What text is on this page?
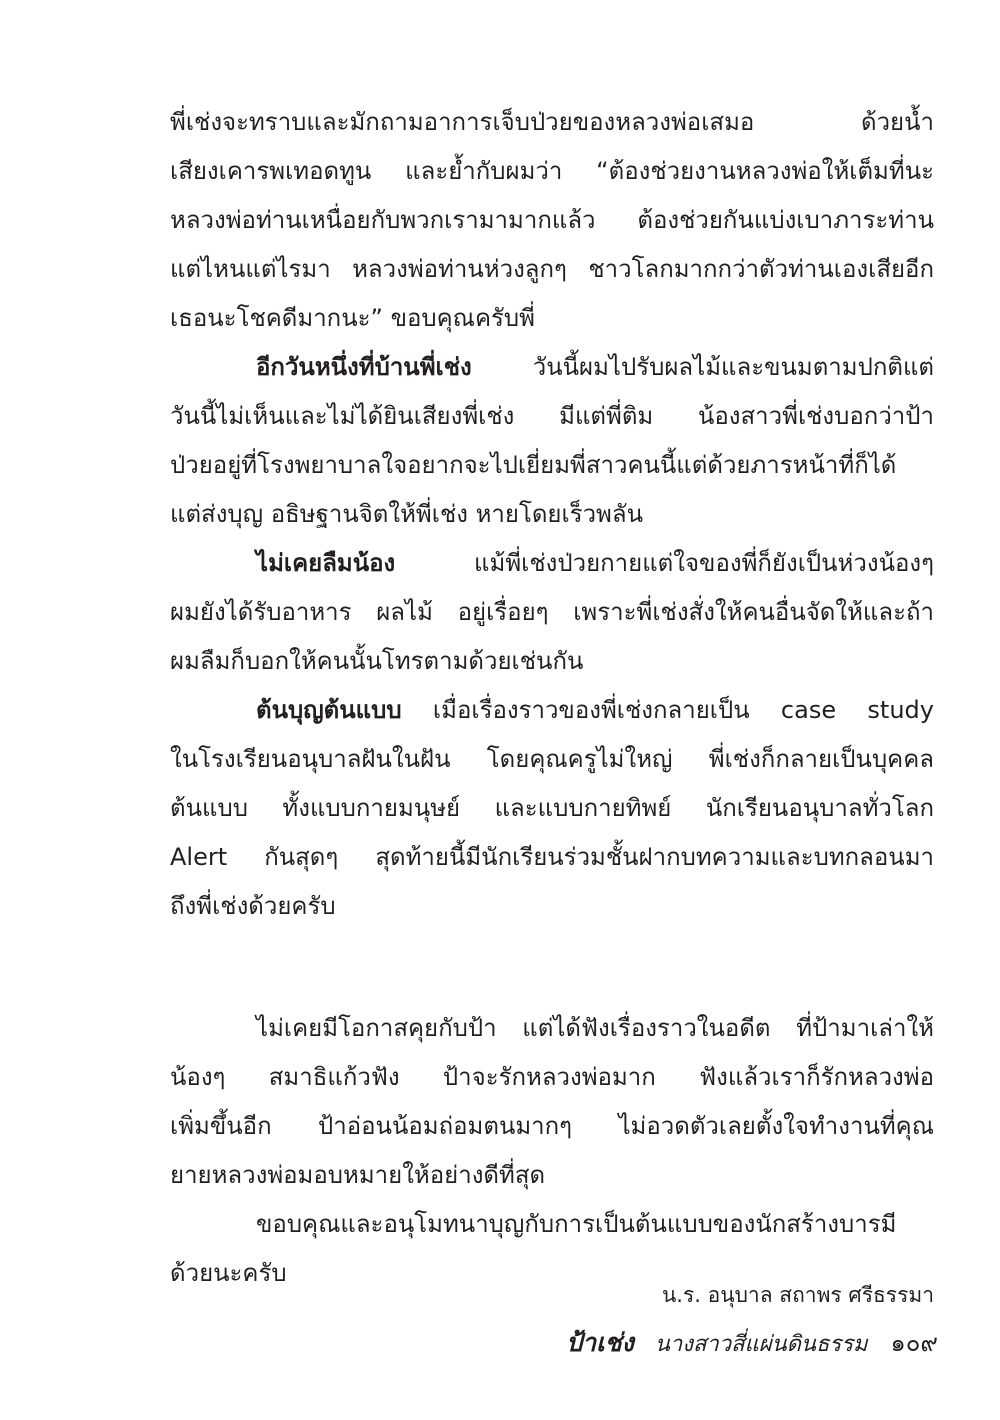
พี่เช่งจะทราบและมักถามอาการเจ็บป่วยของหลวงพ่อเสมอ ด้วยน้ำ
เสียงเคารพเทอดทูน และย้ำกับผมว่า “ต้องช่วยงานหลวงพ่อให้เต็มที่นะ
หลวงพ่อท่านเหนื่อยกับพวกเรามามากแล้ว ต้องช่วยกันแบ่งเบาภาระท่าน
แต่ไหนแต่ไรมา หลวงพ่อท่านห่วงลูกๆ ชาวโลกมากกว่าตัวท่านเองเสียอีก
เธอนะโชคดีมากนะ” ขอบคุณครับพี่
อีกวันหนึ่งที่บ้านพี่เช่ง	วันนี้ผมไปรับผลไม้และขนมตามปกติแต่
วันนี้ไม่เห็นและไม่ได้ยินเสียงพี่เช่ง มีแต่พี่ติม น้องสาวพี่เช่งบอกว่าป้า
ป่วยอยู่ที่โรงพยาบาลใจอยากจะไปเยี่ยมพี่สาวคนนี้แต่ด้วยภารหน้าที่ก็ได้
แต่ส่งบุญ อธิษฐานจิตให้พี่เช่ง หายโดยเร็วพลัน
ไม่เคยลืมน้อง	แม้พี่เช่งป่วยกายแต่ใจของพี่ก็ยังเป็นห่วงน้องๆ
ผมยังได้รับอาหาร ผลไม้ อยู่เรื่อยๆ เพราะพี่เช่งสั่งให้คนอื่นจัดให้และถ้า
ผมลืมก็บอกให้คนนั้นโทรตามด้วยเช่นกัน
ต้นบุญต้นแบบ เมื่อเรื่องราวของพี่เช่งกลายเป็น case study
ในโรงเรียนอนุบาลฝันในฝัน โดยคุณครูไม่ใหญ่ พี่เช่งก็กลายเป็นบุคคล
ต้นแบบ ทั้งแบบกายมนุษย์ และแบบกายทิพย์ นักเรียนอนุบาลทั่วโลก
Alert กันสุดๆ สุดท้ายนี้มีนักเรียนร่วมชั้นฝากบทความและบทกลอนมา
ถึงพี่เช่งด้วยครับ
ไม่เคยมีโอกาสคุยกับป้า แต่ได้ฟังเรื่องราวในอดีต ที่ป้ามาเล่าให้
น้องๆ สมาธิแก้วฟัง ป้าจะรักหลวงพ่อมาก ฟังแล้วเราก็รักหลวงพ่อ
เพิ่มขึ้นอีก ป้าอ่อนน้อมถ่อมตนมากๆ ไม่อวดตัวเลยตั้งใจทำงานที่คุณ
ยายหลวงพ่อมอบหมายให้อย่างดีที่สุด
ขอบคุณและอนุโมทนาบุญกับการเป็นต้นแบบของนักสร้างบารมี
ด้วยนะครับ
น.ร. อนุบาล สถาพร ศรีธรรมา
ป้าเช่ง นางสาวสี่แผ่นดินธรรม ๑๐๙
